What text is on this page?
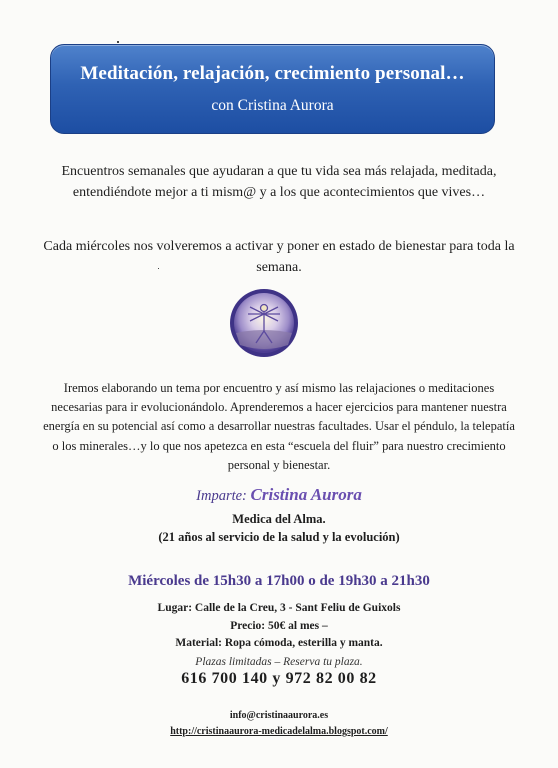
Meditación, relajación, crecimiento personal…
con Cristina Aurora
Encuentros semanales que ayudaran a que tu vida sea más relajada, meditada, entendiéndote mejor a ti mism@ y a los que acontecimientos que vives…
Cada miércoles nos volveremos a activar y poner en estado de bienestar para toda la semana.
Iremos elaborando un tema por encuentro y así mismo las relajaciones o meditaciones necesarias para ir evolucionándolo. Aprenderemos a hacer ejercicios para mantener nuestra energía en su potencial así como a desarrollar nuestras facultades. Usar el péndulo, la telepatía o los minerales…y lo que nos apetezca en esta “escuela del fluir” para nuestro crecimiento personal y bienestar.
Imparte: Cristina Aurora
Medica del Alma.
(21 años al servicio de la salud y la evolución)
Miércoles de 15h30 a 17h00 o de 19h30 a 21h30
Lugar: Calle de la Creu, 3 - Sant Feliu de Guixols
Precio: 50€ al mes –
Material: Ropa cómoda, esterilla y manta.
Plazas limitadas – Reserva tu plaza.
616 700 140 y 972 82 00 82
info@cristinaaurora.es
http://cristinaaurora-medicadelalma.blogspot.com/
